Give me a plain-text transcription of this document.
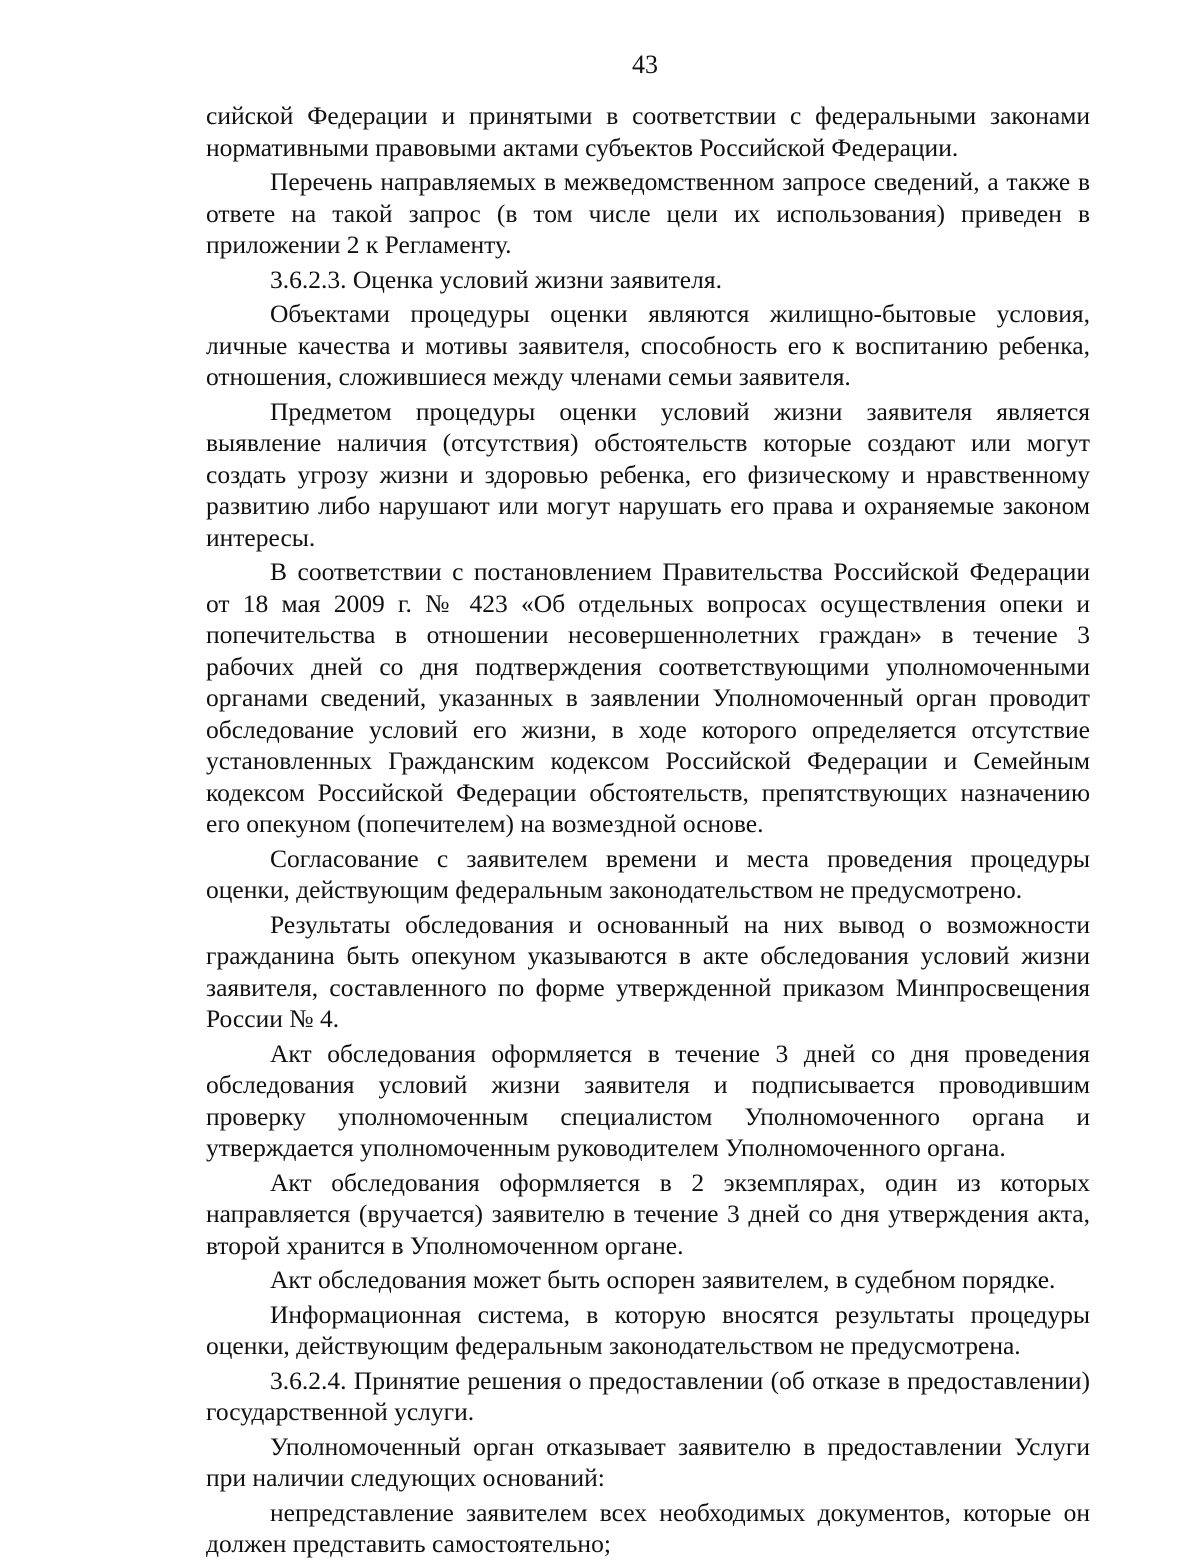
43

сийской Федерации и принятыми в соответствии с федеральными законами нормативными правовыми актами субъектов Российской Федерации.

Перечень направляемых в межведомственном запросе сведений, а также в ответе на такой запрос (в том числе цели их использования) приведен в приложении 2 к Регламенту.

3.6.2.3. Оценка условий жизни заявителя.

Объектами процедуры оценки являются жилищно-бытовые условия, личные качества и мотивы заявителя, способность его к воспитанию ребенка, отношения, сложившиеся между членами семьи заявителя.

Предметом процедуры оценки условий жизни заявителя является выявление наличия (отсутствия) обстоятельств которые создают или могут создать угрозу жизни и здоровью ребенка, его физическому и нравственному развитию либо нарушают или могут нарушать его права и охраняемые законом интересы.

В соответствии с постановлением Правительства Российской Федерации от 18 мая 2009 г. № 423 «Об отдельных вопросах осуществления опеки и попечительства в отношении несовершеннолетних граждан» в течение 3 рабочих дней со дня подтверждения соответствующими уполномоченными органами сведений, указанных в заявлении Уполномоченный орган проводит обследование условий его жизни, в ходе которого определяется отсутствие установленных Гражданским кодексом Российской Федерации и Семейным кодексом Российской Федерации обстоятельств, препятствующих назначению его опекуном (попечителем) на возмездной основе.

Согласование с заявителем времени и места проведения процедуры оценки, действующим федеральным законодательством не предусмотрено.

Результаты обследования и основанный на них вывод о возможности гражданина быть опекуном указываются в акте обследования условий жизни заявителя, составленного по форме утвержденной приказом Минпросвещения России № 4.

Акт обследования оформляется в течение 3 дней со дня проведения обследования условий жизни заявителя и подписывается проводившим проверку уполномоченным специалистом Уполномоченного органа и утверждается уполномоченным руководителем Уполномоченного органа.

Акт обследования оформляется в 2 экземплярах, один из которых направляется (вручается) заявителю в течение 3 дней со дня утверждения акта, второй хранится в Уполномоченном органе.

Акт обследования может быть оспорен заявителем, в судебном порядке.

Информационная система, в которую вносятся результаты процедуры оценки, действующим федеральным законодательством не предусмотрена.

3.6.2.4. Принятие решения о предоставлении (об отказе в предоставлении) государственной услуги.

Уполномоченный орган отказывает заявителю в предоставлении Услуги при наличии следующих оснований:

непредставление заявителем всех необходимых документов, которые он должен представить самостоятельно;
